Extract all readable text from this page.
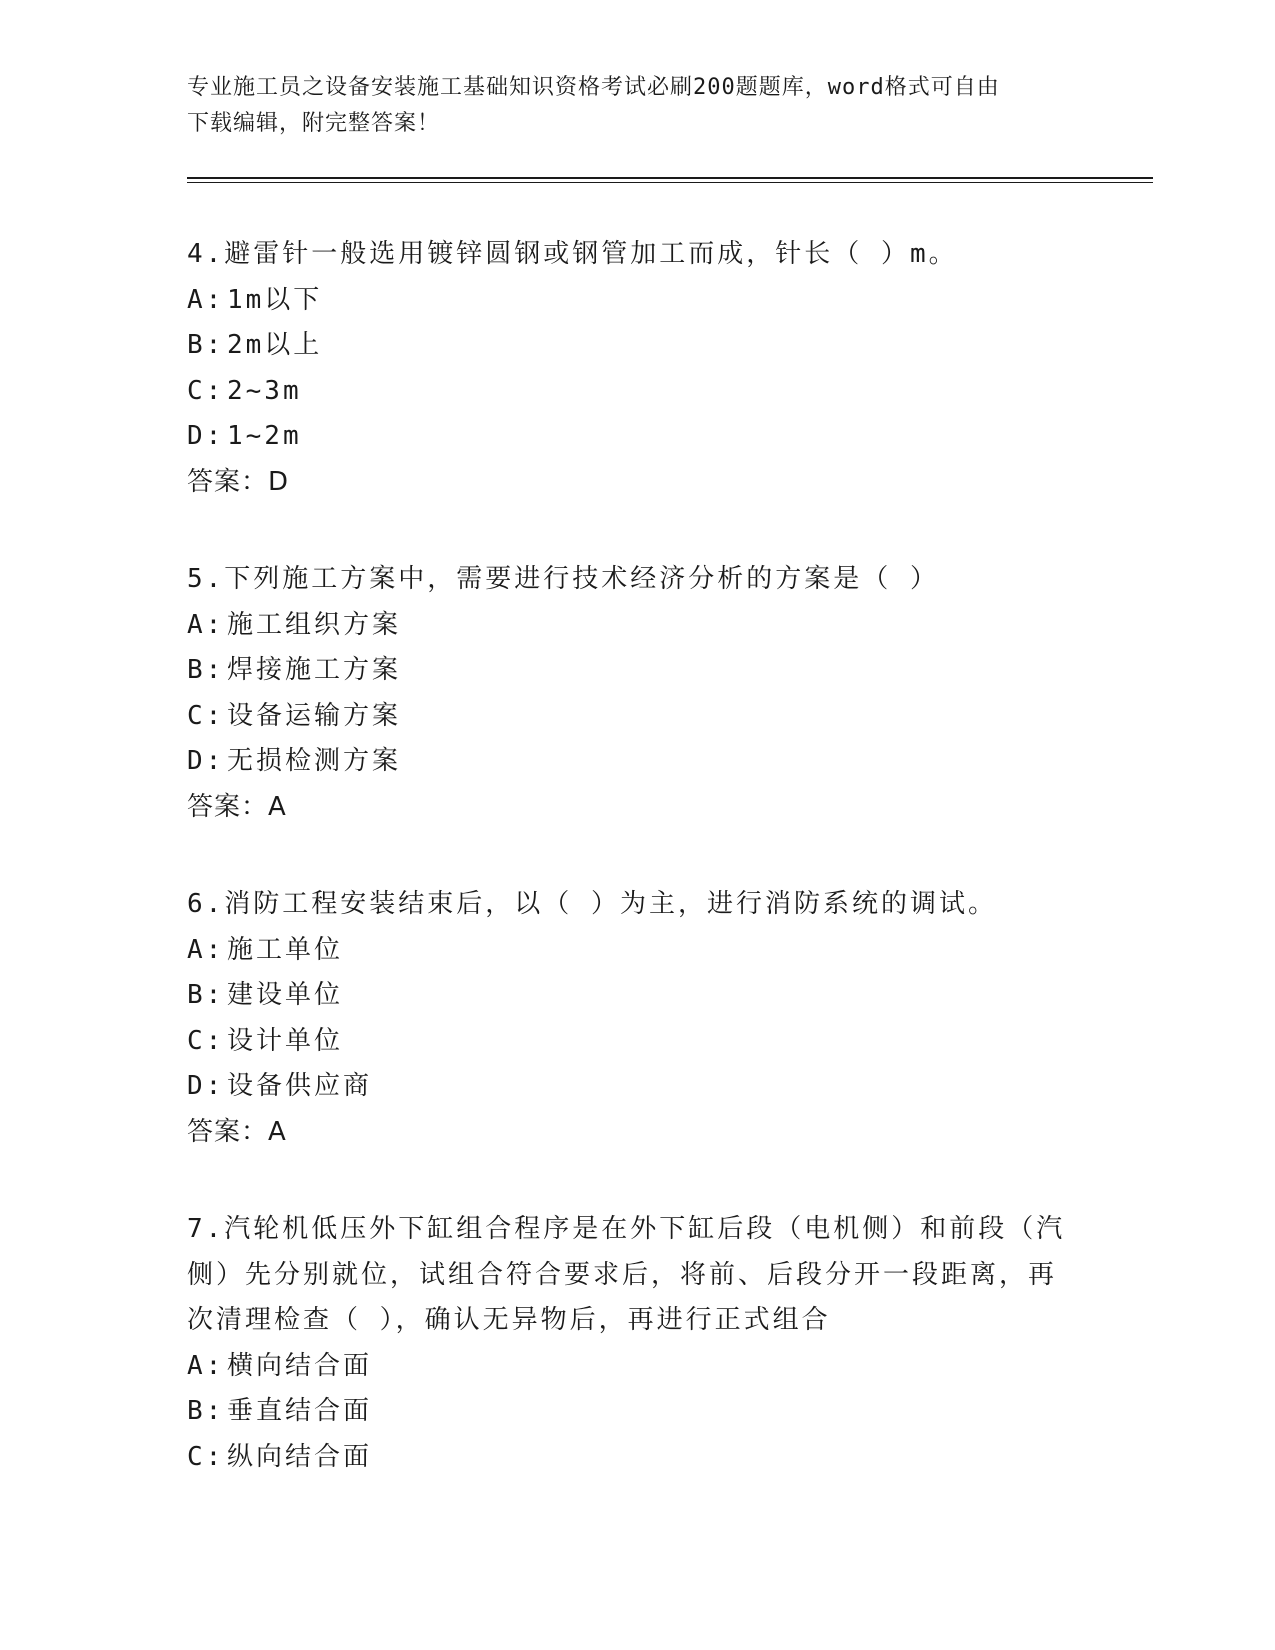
专业施工员之设备安装施工基础知识资格考试必刷200题题库，word格式可自由
下载编辑，附完整答案！
4.避雷针一般选用镀锌圆钢或钢管加工而成，针长（ ）m。
A: 1m以下
B: 2m以上
C: 2~3m
D: 1~2m
答案：D
5.下列施工方案中，需要进行技术经济分析的方案是（ ）
A: 施工组织方案
B: 焊接施工方案
C: 设备运输方案
D: 无损检测方案
答案：A
6.消防工程安装结束后，以（ ）为主，进行消防系统的调试。
A: 施工单位
B: 建设单位
C: 设计单位
D: 设备供应商
答案：A
7.汽轮机低压外下缸组合程序是在外下缸后段（电机侧）和前段（汽
侧）先分别就位，试组合符合要求后，将前、后段分开一段距离，再
次清理检查（ ），确认无异物后，再进行正式组合
A: 横向结合面
B: 垂直结合面
C: 纵向结合面
